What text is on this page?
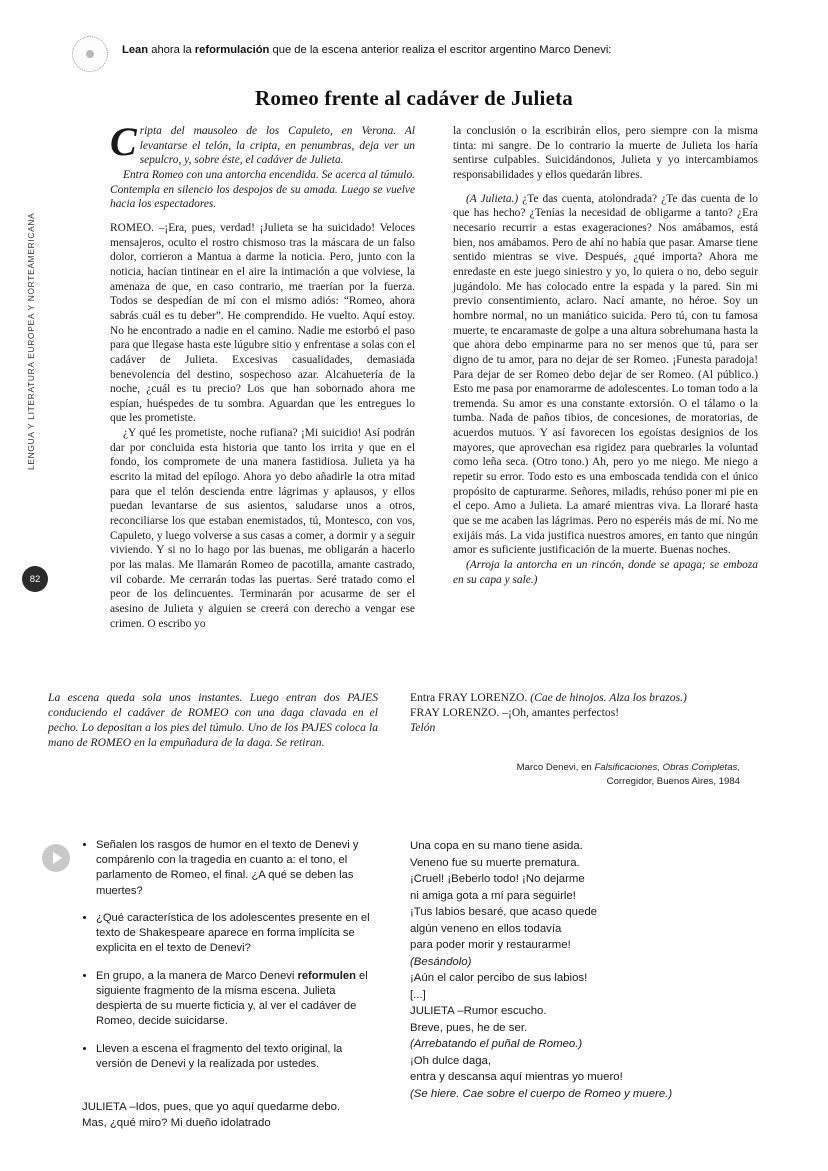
Lean ahora la reformulación que de la escena anterior realiza el escritor argentino Marco Denevi:
Romeo frente al cadáver de Julieta
LENGUA Y LITERATURA EUROPEA Y NORTEAMERICANA
82

Cripta del mausoleo de los Capuleto, en Verona. Al levantarse el telón, la cripta, en penumbras, deja ver un sepulcro, y, sobre éste, el cadáver de Julieta.

Entra Romeo con una antorcha encendida. Se acerca al túmulo. Contempla en silencio los despojos de su amada. Luego se vuelve hacia los espectadores.

ROMEO. –¡Era, pues, verdad! ¡Julieta se ha suicidado! Veloces mensajeros, oculto el rostro chismoso tras la máscara de un falso dolor, corrieron a Mantua a darme la noticia. Pero, junto con la noticia, hacían tintinear en el aire la intimación a que volviese, la amenaza de que, en caso contrario, me traerían por la fuerza. Todos se despedían de mí con el mismo adiós: “Romeo, ahora sabrás cuál es tu deber”. He comprendido. He vuelto. Aquí estoy. No he encontrado a nadie en el camino. Nadie me estorbó el paso para que llegase hasta este lúgubre sitio y enfrentase a solas con el cadáver de Julieta. Excesivas casualidades, demasiada benevolencia del destino, sospechoso azar. Alcahuetería de la noche, ¿cuál es tu precio? Los que han sobornado ahora me espían, huéspedes de tu sombra. Aguardan que les entregues lo que les prometiste.

¿Y qué les prometiste, noche rufiana? ¡Mi suicidio! Así podrán dar por concluida esta historia que tanto los irrita y que en el fondo, los compromete de una manera fastidiosa. Julieta ya ha escrito la mitad del epílogo. Ahora yo debo añadirle la otra mitad para que el telón descienda entre lágrimas y aplausos, y ellos puedan levantarse de sus asientos, saludarse unos a otros, reconciliarse los que estaban enemistados, tú, Montesco, con vos, Capuleto, y luego volverse a sus casas a comer, a dormir y a seguir viviendo. Y si no lo hago por las buenas, me obligarán a hacerlo por las malas. Me llamarán Romeo de pacotilla, amante castrado, vil cobarde. Me cerrarán todas las puertas. Seré tratado como el peor de los delincuentes. Terminarán por acusarme de ser el asesino de Julieta y alguien se creerá con derecho a vengar ese crimen. O escribo yo

la conclusión o la escribirán ellos, pero siempre con la misma tinta: mi sangre. De lo contrario la muerte de Julieta los haría sentirse culpables. Suicidándonos, Julieta y yo intercambiamos responsabilidades y ellos quedarán libres.

(A Julieta.) ¿Te das cuenta, atolondrada? ¿Te das cuenta de lo que has hecho? ¿Tenías la necesidad de obligarme a tanto? ¿Era necesario recurrir a estas exageraciones? Nos amábamos, está bien, nos amábamos. Pero de ahí no había que pasar. Amarse tiene sentido mientras se vive. Después, ¿qué importa? Ahora me enredaste en este juego siniestro y yo, lo quiera o no, debo seguir jugándolo. Me has colocado entre la espada y la pared. Sin mi previo consentimiento, aclaro. Nací amante, no héroe. Soy un hombre normal, no un maniático suicida. Pero tú, con tu famosa muerte, te encaramaste de golpe a una altura sobrehumana hasta la que ahora debo empinarme para no ser menos que tú, para ser digno de tu amor, para no dejar de ser Romeo. ¡Funesta paradoja! Para dejar de ser Romeo debo dejar de ser Romeo. (Al público.) Esto me pasa por enamorarme de adolescentes. Lo toman todo a la tremenda. Su amor es una constante extorsión. O el tálamo o la tumba. Nada de paños tibios, de concesiones, de moratorias, de acuerdos mutuos. Y así favorecen los egoístas designios de los mayores, que aprovechan esa rigidez para quebrarles la voluntad como leña seca. (Otro tono.) Ah, pero yo me niego. Me niego a repetir su error. Todo esto es una emboscada tendida con el único propósito de capturarme. Señores, miladis, rehúso poner mi pie en el cepo. Amo a Julieta. La amaré mientras viva. La lloraré hasta que se me acaben las lágrimas. Pero no esperéis más de mí. No me exijáis más. La vida justifica nuestros amores, en tanto que ningún amor es suficiente justificación de la muerte. Buenas noches.

(Arroja la antorcha en un rincón, donde se apaga; se emboza en su capa y sale.)

La escena queda sola unos instantes. Luego entran dos PAJES conduciendo el cadáver de ROMEO con una daga clavada en el pecho. Lo depositan a los pies del túmulo. Uno de los PAJES coloca la mano de ROMEO en la empuñadura de la daga. Se retiran.

Entra FRAY LORENZO. (Cae de hinojos. Alza los brazos.)

FRAY LORENZO. –¡Oh, amantes perfectos!

Telón

Marco Denevi, en Falsificaciones, Obras Completas,
Corregidor, Buenos Aires, 1984
• Señalen los rasgos de humor en el texto de Denevi y compárenlo con la tragedia en cuanto a: el tono, el parlamento de Romeo, el final. ¿A qué se deben las muertes?
• ¿Qué característica de los adolescentes presente en el texto de Shakespeare aparece en forma implícita se explicita en el texto de Denevi?
• En grupo, a la manera de Marco Denevi reformulen el siguiente fragmento de la misma escena. Julieta despierta de su muerte ficticia y, al ver el cadáver de Romeo, decide suicidarse.
• Lleven a escena el fragmento del texto original, la versión de Denevi y la realizada por ustedes.
JULIETA –Idos, pues, que yo aquí quedarme debo.
Mas, ¿qué miro? Mi dueño idolatrado
Una copa en su mano tiene asida.
Veneno fue su muerte prematura.
¡Cruel! ¡Beberlo todo! ¡No dejarme
ni amiga gota a mí para seguirle!
¡Tus labios besaré, que acaso quede
algún veneno en ellos todavía
para poder morir y restaurarme!
(Besándolo)
¡Aún el calor percibo de sus labios!
[...]
JULIETA –Rumor escucho.
Breve, pues, he de ser.
(Arrebatando el puñal de Romeo.)
¡Oh dulce daga,
entra y descansa aquí mientras yo muero!
(Se hiere. Cae sobre el cuerpo de Romeo y muere.)
